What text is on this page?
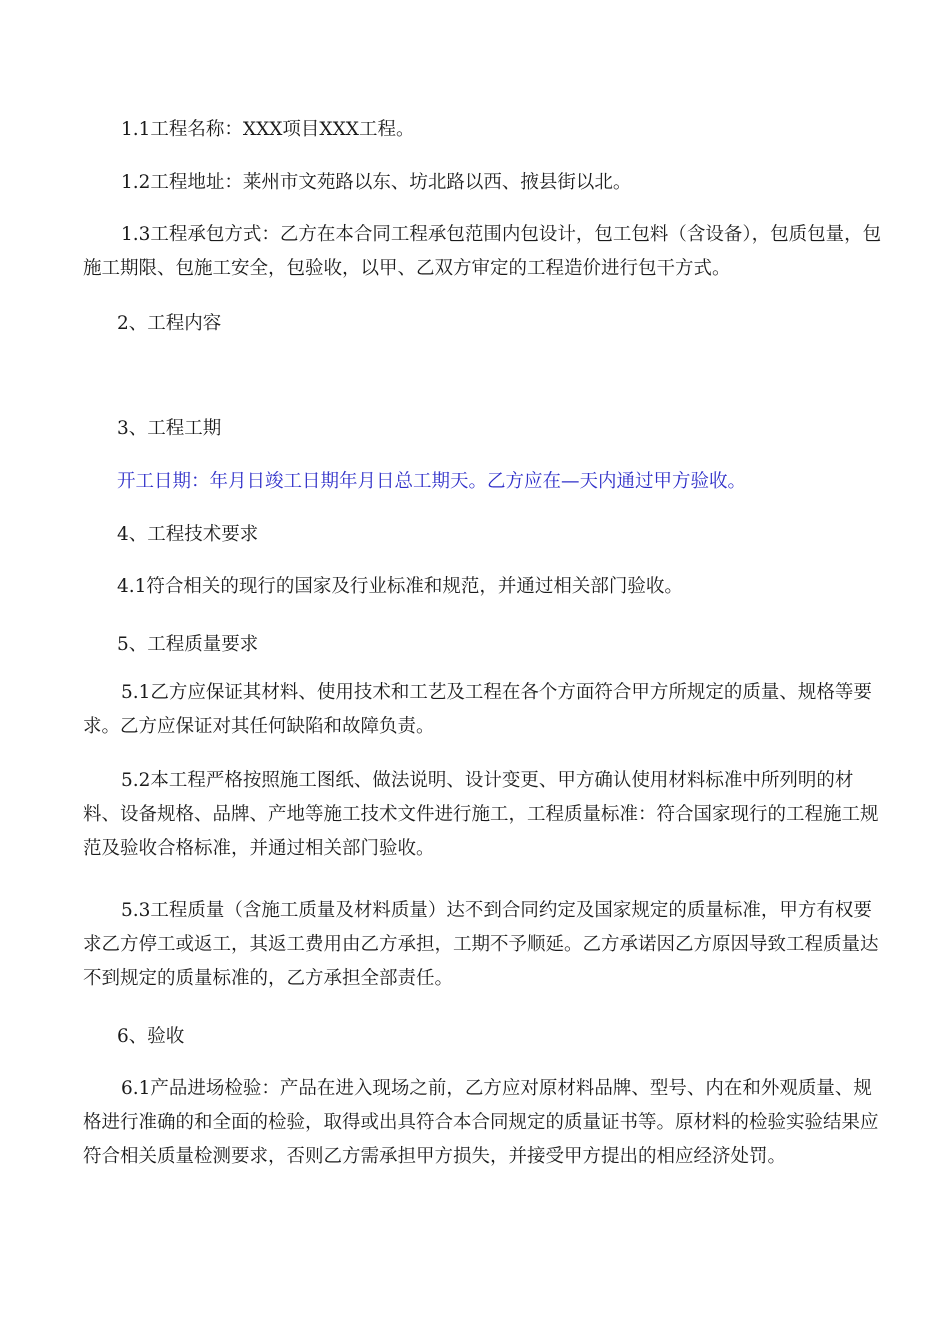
1.1工程名称：XXX项目XXX工程。

1.2工程地址：莱州市文苑路以东、坊北路以西、掖县街以北。

1.3工程承包方式：乙方在本合同工程承包范围内包设计，包工包料（含设备），包质包量，包施工期限、包施工安全，包验收，以甲、乙双方审定的工程造价进行包干方式。

2、工程内容

3、工程工期

开工日期：年月日竣工日期年月日总工期天。乙方应在—天内通过甲方验收。

4、工程技术要求

4.1符合相关的现行的国家及行业标准和规范，并通过相关部门验收。

5、工程质量要求

5.1乙方应保证其材料、使用技术和工艺及工程在各个方面符合甲方所规定的质量、规格等要求。乙方应保证对其任何缺陷和故障负责。

5.2本工程严格按照施工图纸、做法说明、设计变更、甲方确认使用材料标准中所列明的材料、设备规格、品牌、产地等施工技术文件进行施工，工程质量标准：符合国家现行的工程施工规范及验收合格标准，并通过相关部门验收。

5.3工程质量（含施工质量及材料质量）达不到合同约定及国家规定的质量标准，甲方有权要求乙方停工或返工，其返工费用由乙方承担，工期不予顺延。乙方承诺因乙方原因导致工程质量达不到规定的质量标准的，乙方承担全部责任。

6、验收

6.1产品进场检验：产品在进入现场之前，乙方应对原材料品牌、型号、内在和外观质量、规格进行准确的和全面的检验，取得或出具符合本合同规定的质量证书等。原材料的检验实验结果应符合相关质量检测要求，否则乙方需承担甲方损失，并接受甲方提出的相应经济处罚。
